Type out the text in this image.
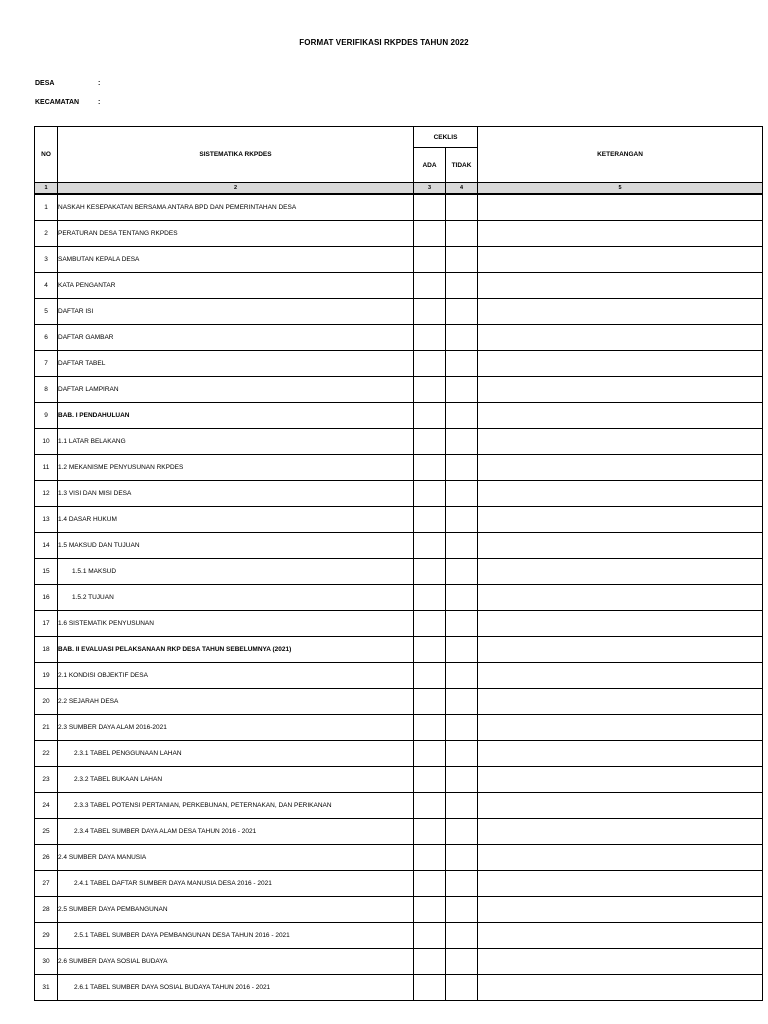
FORMAT VERIFIKASI RKPDES TAHUN 2022
DESA	:
KECAMATAN	:
NO	SISTEMATIKA RKPDES	CEKLIS		KETERANGAN
		ADA	TIDAK	
1	2	3	4	5
1	NASKAH KESEPAKATAN BERSAMA ANTARA BPD DAN PEMERINTAHAN DESA			
2	PERATURAN DESA TENTANG RKPDES			
3	SAMBUTAN KEPALA DESA			
4	KATA PENGANTAR			
5	DAFTAR ISI			
6	DAFTAR GAMBAR			
7	DAFTAR TABEL			
8	DAFTAR LAMPIRAN			
9	BAB. I PENDAHULUAN			
10	1.1 LATAR BELAKANG			
11	1.2 MEKANISME PENYUSUNAN RKPDES			
12	1.3 VISI DAN MISI DESA			
13	1.4 DASAR HUKUM			
14	1.5 MAKSUD DAN TUJUAN			
15	1.5.1 MAKSUD			
16	1.5.2 TUJUAN			
17	1.6 SISTEMATIK PENYUSUNAN			
18	BAB. II EVALUASI PELAKSANAAN RKP DESA TAHUN SEBELUMNYA (2021)			
19	2.1 KONDISI OBJEKTIF DESA			
20	2.2 SEJARAH DESA			
21	2.3 SUMBER DAYA ALAM 2016-2021			
22	2.3.1 TABEL PENGGUNAAN LAHAN			
23	2.3.2 TABEL BUKAAN LAHAN			
24	2.3.3 TABEL POTENSI PERTANIAN, PERKEBUNAN, PETERNAKAN, DAN PERIKANAN			
25	2.3.4 TABEL SUMBER DAYA ALAM DESA TAHUN 2016 - 2021			
26	2.4 SUMBER DAYA MANUSIA			
27	2.4.1 TABEL DAFTAR SUMBER DAYA MANUSIA DESA 2016 - 2021			
28	2.5 SUMBER DAYA PEMBANGUNAN			
29	2.5.1 TABEL SUMBER DAYA PEMBANGUNAN DESA TAHUN 2016 - 2021			
30	2.6 SUMBER DAYA SOSIAL BUDAYA			
31	2.6.1 TABEL SUMBER DAYA SOSIAL BUDAYA TAHUN 2016 - 2021			
